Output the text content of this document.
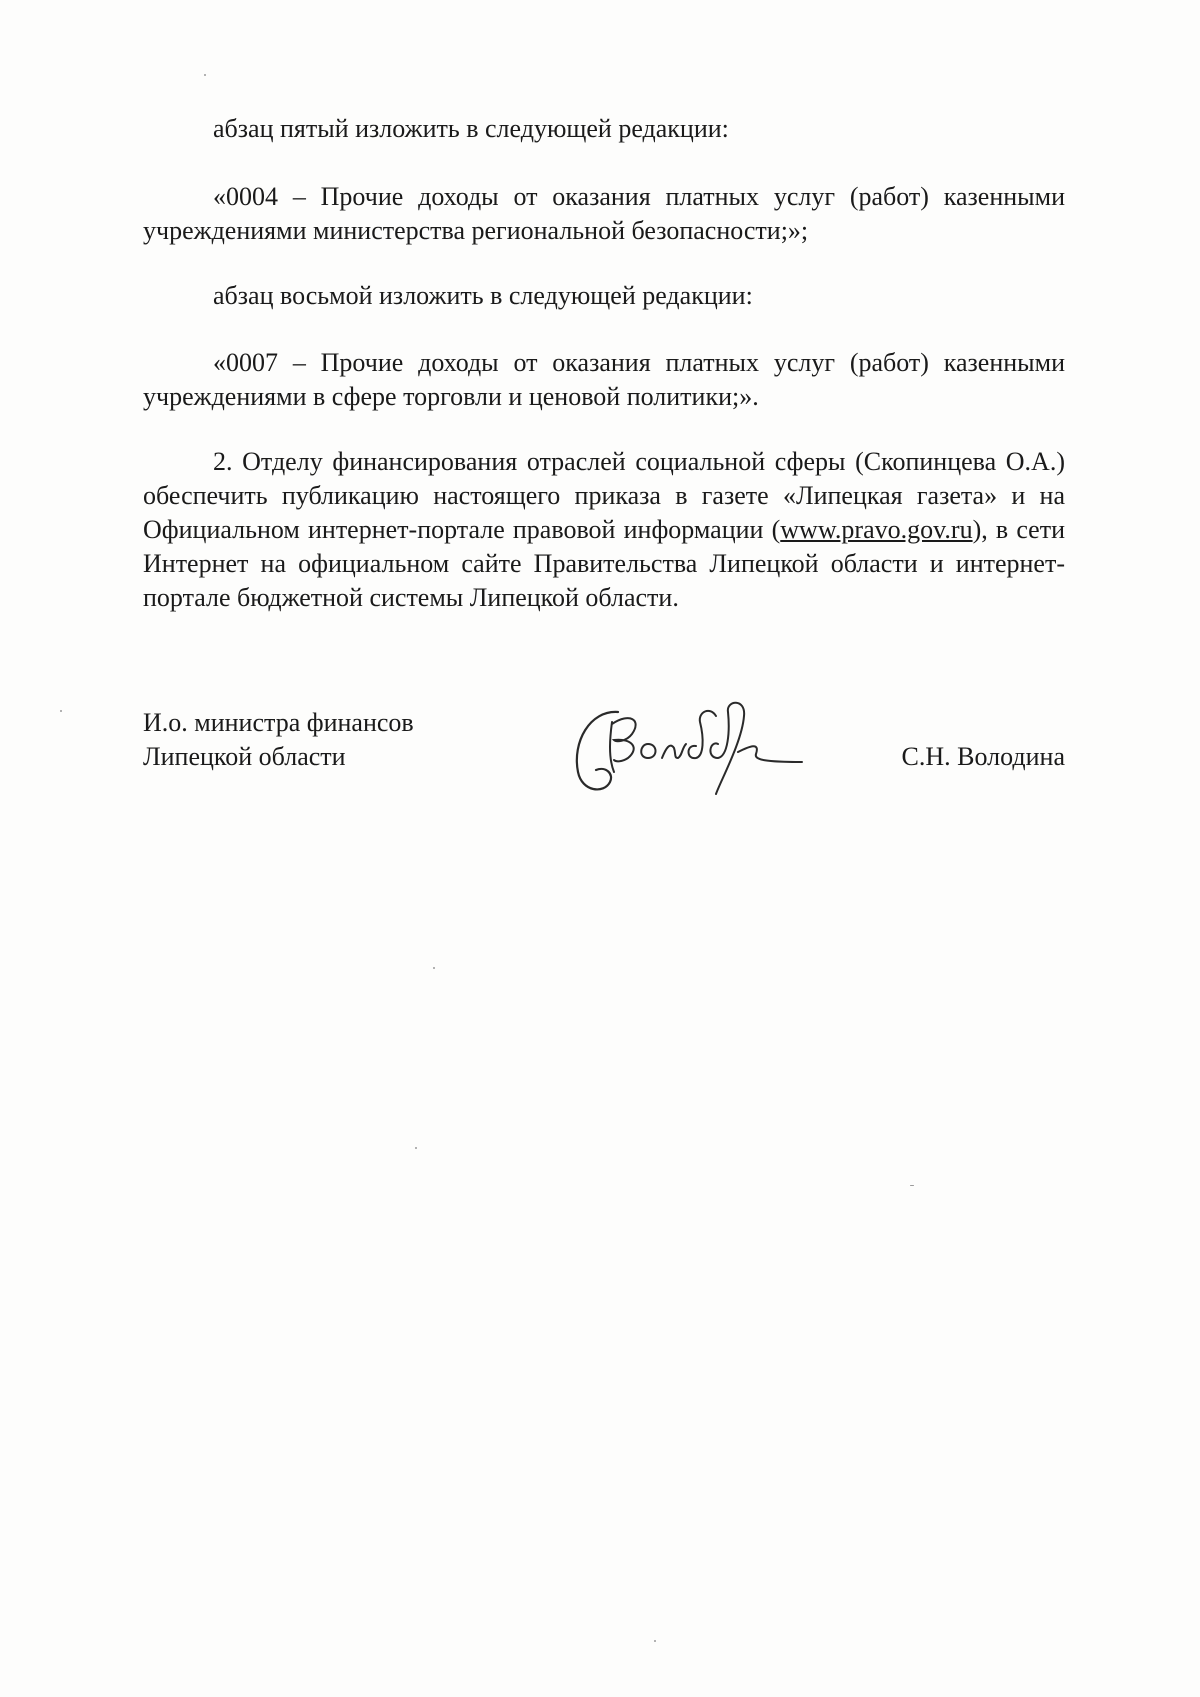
абзац пятый изложить в следующей редакции:

«0004 – Прочие доходы от оказания платных услуг (работ) казенными учреждениями министерства региональной безопасности;»;

абзац восьмой изложить в следующей редакции:

«0007 – Прочие доходы от оказания платных услуг (работ) казенными учреждениями в сфере торговли и ценовой политики;».

2. Отделу финансирования отраслей социальной сферы (Скопинцева О.А.) обеспечить публикацию настоящего приказа в газете «Липецкая газета» и на Официальном интернет-портале правовой информации (www.pravo.gov.ru), в сети Интернет на официальном сайте Правительства Липецкой области и интернет-портале бюджетной системы Липецкой области.

И.о. министра финансов
Липецкой области	С.Н. Володина
